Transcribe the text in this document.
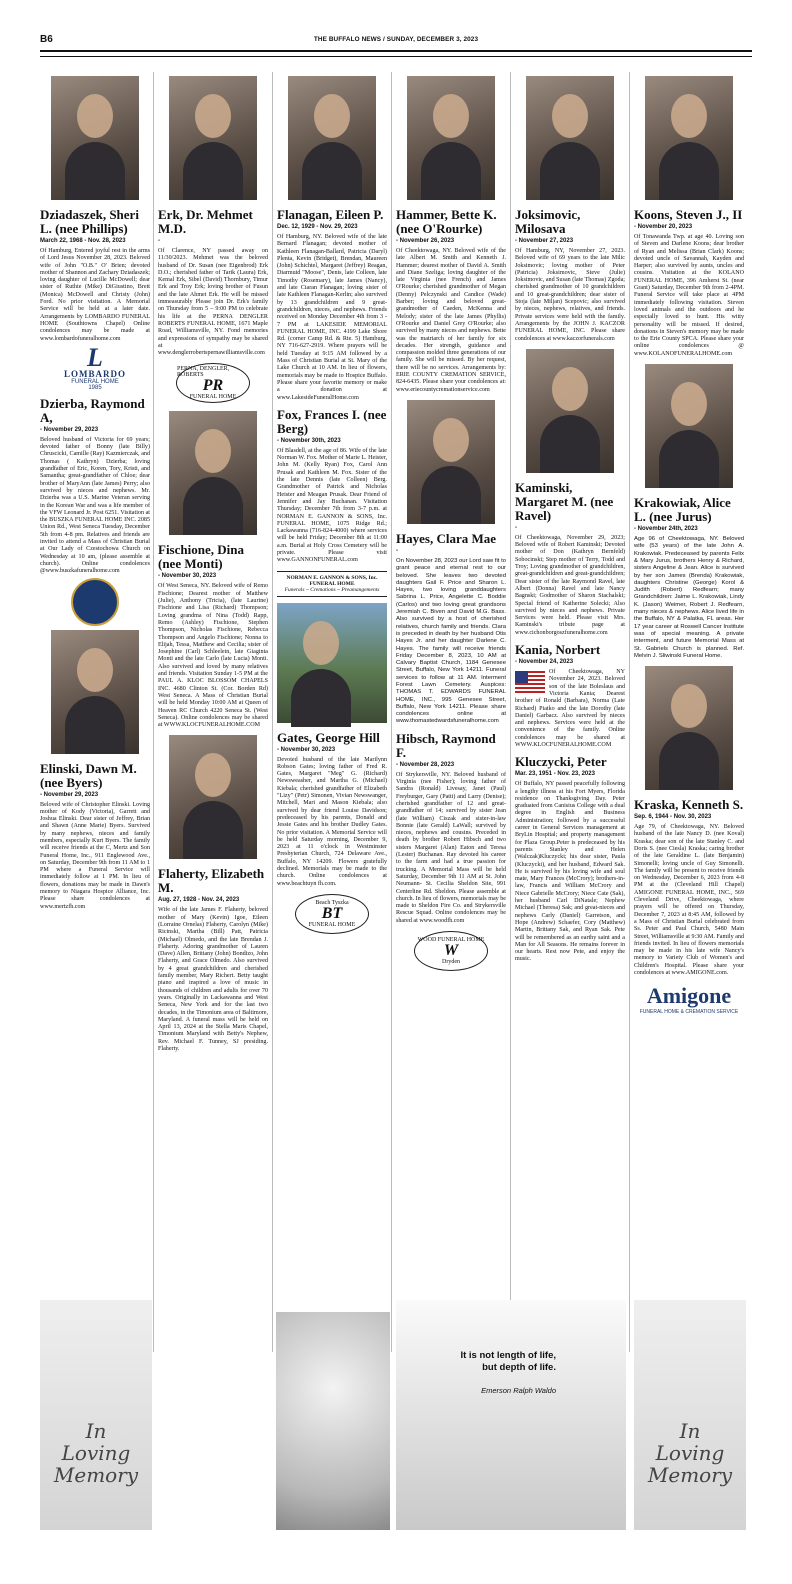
B6	THE BUFFALO NEWS / SUNDAY, DECEMBER 3, 2023
Dziadaszek, Sheri L. (nee Phillips)
March 22, 1968 - Nov. 28, 2023
Of Hamburg, Entered joyful rest in the arms of Lord Jesus November 28, 2023. Beloved wife of John "O.B." O' Brien; devoted mother of Shannon and Zachary Dziadaszek; loving daughter of Lucille McDowell; dear sister of Ruthie (Mike) DiGiustino, Brett (Monica) McDowell and Christy (John) Ford. No prior visitation. A Memorial Service will be held at a later date. Arrangements by LOMBARDO FUNERAL HOME (Southtowns Chapel) Online condolences may be made at www.lombardofuneralhome.com
L
LOMBARDO
FUNERAL HOME
1985
Dzierba, Raymond A,
- November 29, 2023
Beloved husband of Victoria for 69 years; devoted father of Bonny (late Billy) Chruscicki, Camille (Ray) Kazmierczak, and Thomas ( Kathryn) Dzierba; loving grandfather of Eric, Koren, Tory, Kristi, and Samantha; great-grandfather of Chloe; dear brother of MaryAnn (late James) Perry; also survived by nieces and nephews. Mr. Dzierba was a U.S. Marine Veteran serving in the Korean War and was a life member of the VFW Leonard Jr. Post 6251. Visitation at the BUSZKA FUNERAL HOME INC. 2085 Union Rd., West Seneca Tuesday, December 5th from 4-8 pm. Relatives and friends are invited to attend a Mass of Christian Burial at Our Lady of Czestochowa Church on Wednesday at 10 am, (please assemble at church). Online condolences @www.buszkafuneralhome.com
Elinski, Dawn M. (nee Byers)
- November 29, 2023
Beloved wife of Christopher Elinski. Loving mother of Kody (Victoria), Garrett and Joshua Elinski. Dear sister of Jeffrey, Brian and Shawn (Anne Marie) Byers. Survived by many nephews, nieces and family members, especially Kurt Byers. The family will receive friends at the C, Mertz and Son Funeral Home, Inc., 911 Englewood Ave., on Saturday, December 9th from 11 AM to 1 PM where a Funeral Service will immediately follow at 1 PM. In lieu of flowers, donations may be made in Dawn's memory to Niagara Hospice Alliance, Inc. Please share condolences at www.mertzfh.com
In
Loving
Memory
Erk, Dr. Mehmet M.D.
-
Of Clarence, NY passed away on 11/30/2023. Mehmet was the beloved husband of Dr. Susan (nee Eigenbrod) Erk D.O.; cherished father of Tarik (Laura) Erk, Kemal Erk, Sibel (David) Thornbury, Timur Erk and Troy Erk; loving brother of Fusun and the late Ahmet Erk. He will be missed immeasurably Please join Dr. Erk's family on Thursday from 5 – 9:00 PM to celebrate his life at the PERNA DENGLER ROBERTS FUNERAL HOME, 1671 Maple Road, Williamsville, NY. Fond memories and expressions of sympathy may be shared at www.denglerrobertspernawilliamsville.com
PERNA, DENGLER, ROBERTS
PR
FUNERAL HOME
Fischione, Dina (nee Monti)
- November 30, 2023
Of West Seneca, NY. Beloved wife of Remo Fischione; Dearest mother of Matthew (Julie), Anthony (Tricia), (late Laurine) Fischione and Lisa (Richard) Thompson; Loving grandma of Nina (Todd) Rapp, Remo (Ashley) Fischione, Stephen Thompson, Nicholas Fischione, Rebecca Thompson and Angelo Fischione; Nonna to Elijah, Tessa, Matthew and Cecilia; sister of Josephine (Carl) Schleelein, late Giaginta Monti and the late Carlo (late Lucia) Monti. Also survived and loved by many relatives and friends. Visitation Sunday 1-5 PM at the PAUL A. KLOC BLOSSOM CHAPELS INC. 4680 Clinton St. (Cor. Borden Rd) West Seneca. A Mass of Christian Burial will be held Monday 10:00 AM at Queen of Heaven RC Church 4220 Seneca St. (West Seneca). Online condolences may be shared at WWW.KLOCFUNERALHOME.COM
Flaherty, Elizabeth M.
Aug. 27, 1928 - Nov. 24, 2023
Wife of the late James F. Flaherty, beloved mother of Mary (Kevin) Igoe, Eileen (Lorraine Ornelas) Flaherty, Carolyn (Mike) Ricinski, Martha (Bill) Patt, Patricia (Michael) Olmedo, and the late Brendan J. Flaherty. Adoring grandmother of Lauren (Dave) Allen, Brittany (John) Bondizo, John Flaherty, and Grace Olmedo. Also survived by 4 great grandchildren and cherished family member, Mary Richert. Betty taught piano and inspired a love of music in thousands of children and adults for over 70 years. Originally in Lackawanna and West Seneca, New York and for the last two decades, in the Timonium area of Baltimore, Maryland. A funeral mass will be held on April 13, 2024 at the Stella Maris Chapel, Timonium Maryland with Betty's Nephew, Rev. Michael F. Tunney, SJ presiding. Flaherty.
Flanagan, Eileen P.
Dec. 12, 1929 - Nov. 29, 2023
Of Hamburg, NY. Beloved wife of the late Bernard Flanagan; devoted mother of Kathleen Flanagan-Ballard, Patricia (Daryl) Plenta, Kevin (Bridget), Brendan, Maureen (John) Schichtel, Margaret (Jeffrey) Reagan, Diarmuid "Moose", Denis, late Colleen, late Timothy (Rosemary), late James (Nancy), and late Ciaran Flanagan; loving sister of late Kathleen Flanagan-Kerlin; also survived by 13 grandchildren and 9 great-grandchildren, nieces, and nephews. Friends received on Monday December 4th from 3 - 7 PM at LAKESIDE MEMORIAL FUNERAL HOME, INC. 4199 Lake Shore Rd. (corner Camp Rd. & Rte. 5) Hamburg, NY 716-627-2919. Where prayers will be held Tuesday at 9:15 AM followed by a Mass of Christian Burial at St. Mary of the Lake Church at 10 AM. In lieu of flowers, memorials may be made to Hospice Buffalo. Please share your favorite memory or make a donation at www.LakesideFuneralHome.com
Fox, Frances I. (nee Berg)
- November 30th, 2023
Of Blasdell, at the age of 86. Wife of the late Norman W. Fox. Mother of Marie L. Heister, John M. (Kelly Ryan) Fox, Carol Ann Prusak and Kathleen M. Fox. Sister of the the late Dennis (late Colleen) Berg. Grandmother of Patrick and Nicholas Heister and Meagan Prusak. Dear Friend of Jennifer and Jay Buchanan. Visitation Thursday; December 7th from 3-7 p.m. at NORMAN E. GANNON & SONS, Inc. FUNERAL HOME, 1075 Ridge Rd.; Lackawanna (716-824-4000) where services will be held Friday; December 8th at 11:00 a.m. Burial at Holy Cross Cemetery will be private. Please visit www.GANNONFUNERAL.com
NORMAN E. GANNON & SONS, Inc.
FUNERAL HOME
Funerals ~ Cremations ~ Preamangements
Gates, George Hill
- November 30, 2023
Devoted husband of the late Marilynn Robson Gates; loving father of Fred R. Gates, Margaret "Meg" G. (Richard) Newsweasher, and Martha G. (Michael) Kiebala; cherished grandfather of Elizabeth "Lizy" (Petr) Simonen, Vivian Newswanger, Mitchell, Mari and Mason Kiebala; also survived by dear friend Louise Davidson; predeceased by his parents, Donald and Jessie Gates and his brother Dudley Gates. No prior visitation. A Memorial Service will be held Saturday morning, December 9, 2023 at 11 o'clock in Westminster Presbyterian Church, 724 Delaware Ave., Buffalo, NY 14209. Flowers gratefully declined. Memorials may be made to the church. Online condolences at www.beachtuyn fh.com.
Beach Tyszka
BT
FUNERAL HOME
Hammer, Bette K. (nee O'Rourke)
- November 26, 2023
Of Cheektowaga, NY. Beloved wife of the late Albert M. Smith and Kenneth J. Hammer; dearest mother of David A. Smith and Diane Szeliga; loving daughter of the late Virginia (nee French) and James O'Rourke; cherished grandmother of Megan (Denny) Pelczynski and Candice (Wade) Barber; loving and beloved great-grandmother of Caeden, McKenna and Melody; sister of the late James (Phyllis) O'Rourke and Daniel Grey O'Rourke; also survived by many nieces and nephews. Bette was the matriarch of her family for six decades. Her strength, guidance and compassion molded three generations of our family. She will be missed. By her request, there will be no services. Arrangements by: ERIE COUNTY CREMATION SERVICE, 824-6435. Please share your condolences at: www.eriecountycremationservice.com
Hayes, Clara Mae
-
On November 28, 2023 our Lord saw fit to grant peace and eternal rest to our beloved. She leaves two devoted daughters Gail F. Price and Sharon L. Hayes, two loving granddaughters Sabrina L. Price, Angelette C. Boddie (Carlos) and two loving great grandsons Jeremiah C. Biven and David M.G. Bass. Also survived by a host of cherished relatives, church family and friends. Clara is preceded in death by her husband Otis Hayes Jr. and her daughter Darlene C. Hayes. The family will receive friends Friday December 8, 2023, 10 AM at Calvary Baptist Church, 1184 Genesee Street, Buffalo, New York 14211. Funeral services to follow at 11 AM. Interment Forest Lawn Cemetery. Auspices: THOMAS T. EDWARDS FUNERAL HOME, INC., 995 Genesee Street, Buffalo, New York 14211. Please share condolences online at www.thomastedwardsfuneralhome.com
Hibsch, Raymond F.
- November 28, 2023
Of Strykersville, NY. Beloved husband of Virginia (nee Fisher); loving father of Sandra (Ronald) Livesay, Janet (Paul) Freyburger, Gary (Patti) and Larry (Denise); cherished grandfather of 12 and great-grandfather of 14; survived by sister Jean (late William) Ciszak and sister-in-law Bonnie (late Gerald) LaWall; survived by nieces, nephews and cousins. Preceded in death by brother Robert Hibsch and two sisters Margaret (Alan) Eaton and Teresa (Lester) Buchanan. Ray devoted his career to the farm and had a true passion for trucking. A Memorial Mass will be held Saturday, December 9th 11 AM at St. John Neumann- St. Cecilia Sheldon Site, 991 Centerline Rd. Sheldon. Please assemble at church. In lieu of flowers, memorials may be made to Sheldon Fire Co. and Strykersville Rescue Squad. Online condolences may be shared at www.woodfh.com
WOOD FUNERAL HOME
W
Dryden
It is not length of life,
but depth of life.
Emerson Ralph Waldo
Joksimovic, Milosava
- November 27, 2023
Of Hamburg, NY, November 27, 2023. Beloved wife of 69 years to the late Milic Joksimovic; loving mother of Peter (Patricia) Joksimovic, Steve (Julie) Joksimovic, and Susan (late Thomas) Zgoda; cherished grandmother of 10 grandchildren and 10 great-grandchildren; dear sister of Stoja (late Miljan) Scepovic; also survived by nieces, nephews, relatives, and friends. Private services were held with the family. Arrangements by the JOHN J. KACZOR FUNERAL HOME, INC. Please share condolences at www.kaczorfunerals.com
Kaminski, Margaret M. (nee Ravel)
-
Of Cheektowaga, November 29, 2023; Beloved wife of Robert Kaminski; Devoted mother of Don (Kathryn Bernfeld) Sobocinski; Step mother of Terry, Todd and Troy; Loving grandmother of grandchildren, great-grandchildren and great-grandchildren; Dear sister of the late Raymond Ravel, late Albert (Donna) Ravel and late Nancy Bagnski; Godmother of Sharon Stachalski; Special friend of Katherine Solecki; Also survived by nieces and nephews. Private Services were held. Please visit Mrs. Kaminski's tribute page at www.cichonborgoszfuneralhome.com
Kania, Norbert
- November 24, 2023
Of Cheektowaga, NY November 24, 2023. Beloved son of the late Boleslaus and Victoria Kania; Dearest brother of Ronald (Barbara), Norma (Late Richard) Piatko and the late Dorothy (late Daniel) Garbacz. Also survived by nieces and nephews. Services were held at the convenience of the family. Online condolences may be shared at WWW.KLOCFUNERALHOME.COM
Kluczycki, Peter
Mar. 23, 1951 - Nov. 23, 2023
Of Buffalo, NY passed peacefully following a lengthy illness at his Fort Myers, Florida residence on Thanksgiving Day. Peter graduated from Canisius College with a dual degree in English and Business Administration; followed by a successful career in General Services management at BryLin Hospital; and property management for Plaza Group.Peter is predeceased by his parents Stanley and Helen (Walczak)Kluczycki; his dear sister, Paula (Kluczycki), and her husband, Edward Sak. He is survived by his loving wife and soul mate, Mary Frances (McCrory); brothers-in-law, Francis and William McCrory and Niece Gabrielle McCrory; Niece Cate (Sak), her husband Carl DiNatale; Nephew Michael (Theresa) Sak; and great-nieces and nephews Carly (Daniel) Garretson, and Hope (Andrew) Schaefer, Cory (Matthew) Martin, Brittany Sak, and Ryan Sak. Pete will be remembered as an earthy saint and a Man for All Seasons. He remains forever in our hearts. Rest now Pete, and enjoy the music.
Koons, Steven J., II
- November 20, 2023
Of Tonawanda Twp. at age 40. Loving son of Steven and Darlene Koons; dear brother of Ryan and Melissa (Brian Clark) Koons; devoted uncle of Savannah, Kayden and Harper; also survived by aunts, uncles and cousins. Visitation at the KOLANO FUNERAL HOME, 396 Amherst St. (near Grant) Saturday, December 9th from 2-4PM. Funeral Service will take place at 4PM immediately following visitation. Steven loved animals and the outdoors and he especially loved to hunt. His witty personality will be missed. If desired, donations in Steven's memory may be made to the Erie County SPCA. Please share your online condolences @ www.KOLANOFUNERALHOME.com
Krakowiak, Alice L. (nee Jurus)
- November 24th, 2023
Age 96 of Cheektowaga, NY. Beloved wife (53 years) of the late John A. Krakowiak. Predeceased by parents Felix & Mary Jurus, brothers Henry & Richard, sisters Angeline & Jean. Alice is survived by her son James (Brenda) Krakowiak, daughters Christine (George) Korol & Judith (Robert) Redfearn; many Grandchildren: Jaime L. Krakowiak, Lindy K. (Jason) Weimer, Robert J. Redfearn, many nieces & nephews. Alice lived life in the Buffalo, NY & Palatka, FL areas. Her 17 year career at Roswell Cancer Institute was of special meaning. A private interment, and future Memorial Mass at St. Gabriels Church is planned. Ref. Melvin J. Sliwinski Funeral Home.
Kraska, Kenneth S.
Sep. 6, 1944 - Nov. 30, 2023
Age 79, of Cheektowaga, NY. Beloved husband of the late Nancy D. (nee Koval) Kraska; dear son of the late Stanley C. and Doris S. (nee Ciesla) Kraska; caring brother of the late Geraldine L. (late Benjamin) Simonelli; loving uncle of Guy Simonelli. The family will be present to receive friends on Wednesday, December 6, 2023 from 4-8 PM at the (Cleveland Hill Chapel) AMIGONE FUNERAL HOME, INC., 569 Cleveland Drive, Cheektowaga, where prayers will be offered on Thursday, December 7, 2023 at 8:45 AM, followed by a Mass of Christian Burial celebrated from Ss. Peter and Paul Church, 5480 Main Street, Williamsville at 9:30 AM. Family and friends invited. In lieu of flowers memorials may be made in his late wife Nancy's memory to Variety Club of Women's and Children's Hospital. Please share your condolences at www.AMIGONE.com.
Amigone
FUNERAL HOME & CREMATION SERVICE
In
Loving
Memory
